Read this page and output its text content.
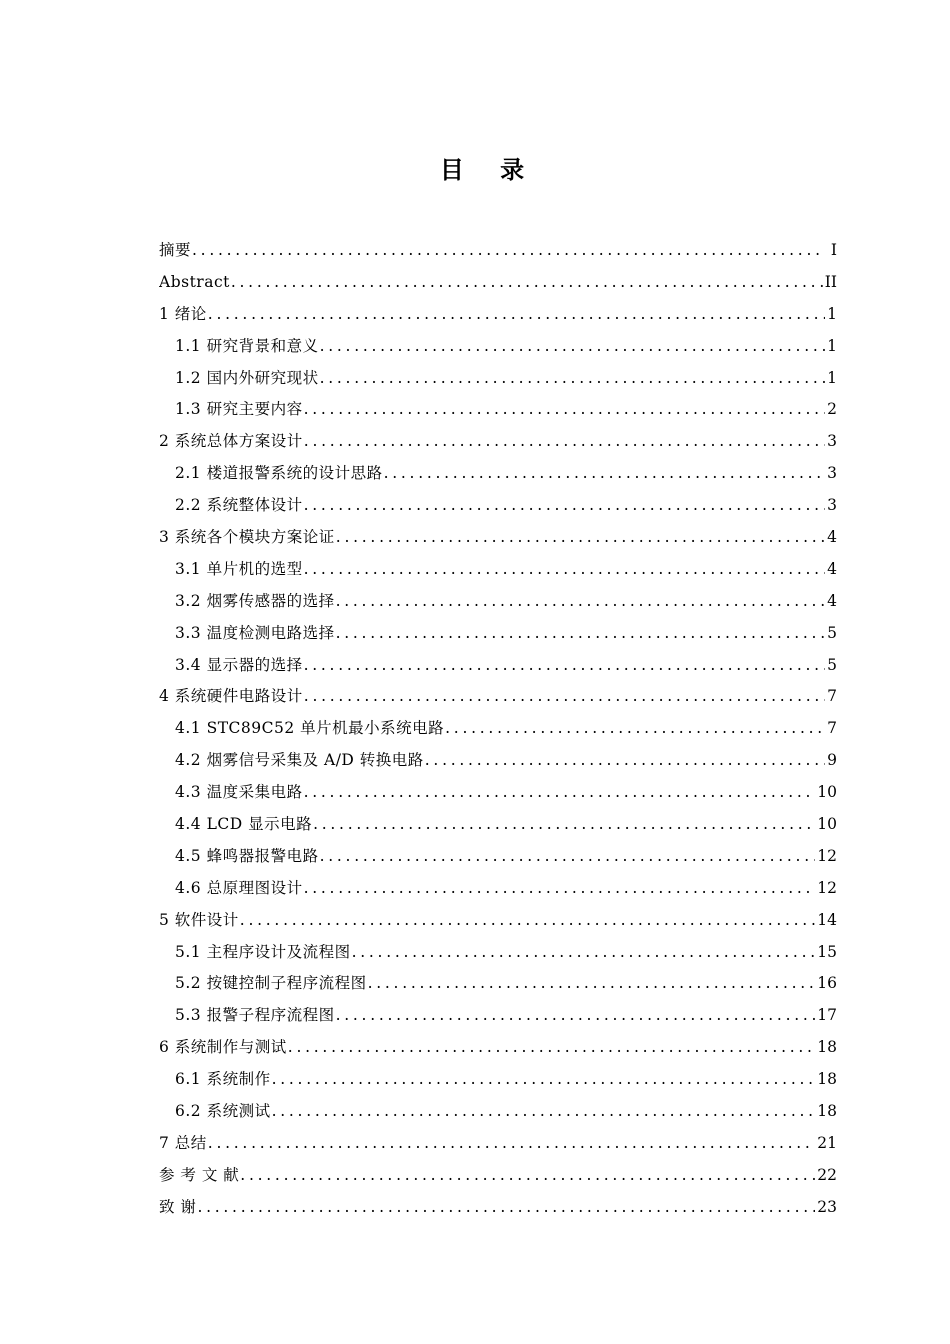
目 录
摘要 . . .	I
Abstract . . .	II
1 绪论 . . .	1
1.1 研究背景和意义 . . .	1
1.2 国内外研究现状 . . .	1
1.3 研究主要内容 . . .	2
2 系统总体方案设计 . . .	3
2.1 楼道报警系统的设计思路 . . .	3
2.2 系统整体设计 . . .	3
3 系统各个模块方案论证 . . .	4
3.1 单片机的选型 . . .	4
3.2 烟雾传感器的选择 . . .	4
3.3 温度检测电路选择 . . .	5
3.4 显示器的选择 . . .	5
4 系统硬件电路设计 . . .	7
4.1 STC89C52 单片机最小系统电路 . . .	7
4.2 烟雾信号采集及 A/D 转换电路 . . .	9
4.3 温度采集电路 . . .	10
4.4 LCD 显示电路 . . .	10
4.5 蜂鸣器报警电路 . . .	12
4.6 总原理图设计 . . .	12
5 软件设计 . . .	14
5.1 主程序设计及流程图 . . .	15
5.2 按键控制子程序流程图 . . .	16
5.3 报警子程序流程图 . . .	17
6 系统制作与测试 . . .	18
6.1 系统制作 . . .	18
6.2 系统测试 . . .	18
7 总结 . . .	21
参 考 文 献 . . .	22
致 谢 . . .	23
